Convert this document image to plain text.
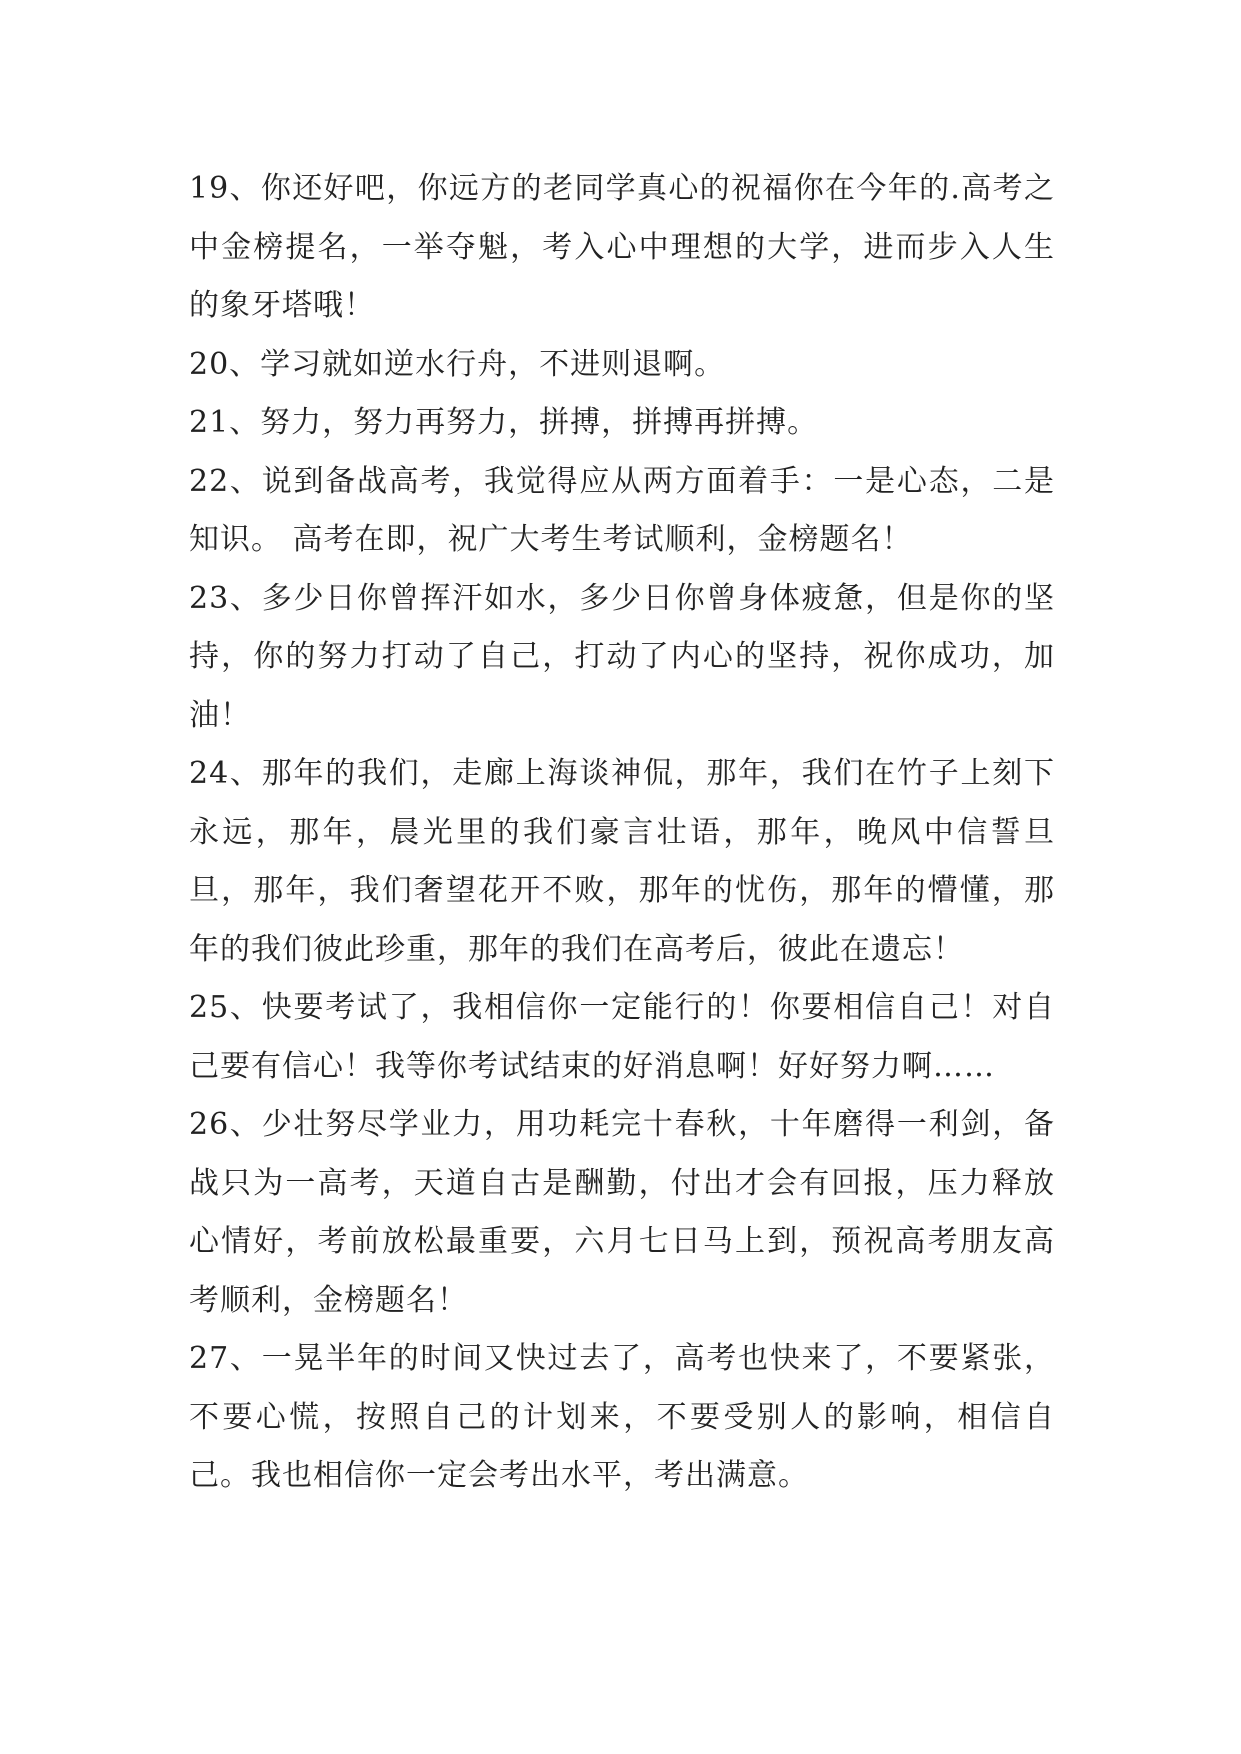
19、你还好吧，你远方的老同学真心的祝福你在今年的.高考之中金榜提名，一举夺魁，考入心中理想的大学，进而步入人生的象牙塔哦！

20、学习就如逆水行舟，不进则退啊。

21、努力，努力再努力，拼搏，拼搏再拼搏。

22、说到备战高考，我觉得应从两方面着手：一是心态，二是知识。 高考在即，祝广大考生考试顺利，金榜题名！

23、多少日你曾挥汗如水，多少日你曾身体疲惫，但是你的坚持，你的努力打动了自己，打动了内心的坚持，祝你成功，加油！

24、那年的我们，走廊上海谈神侃，那年，我们在竹子上刻下永远，那年，晨光里的我们豪言壮语，那年，晚风中信誓旦旦，那年，我们奢望花开不败，那年的忧伤，那年的懵懂，那年的我们彼此珍重，那年的我们在高考后，彼此在遗忘！

25、快要考试了，我相信你一定能行的！你要相信自己！对自己要有信心！我等你考试结束的好消息啊！好好努力啊……

26、少壮努尽学业力，用功耗完十春秋，十年磨得一利剑，备战只为一高考，天道自古是酬勤，付出才会有回报，压力释放心情好，考前放松最重要，六月七日马上到，预祝高考朋友高考顺利，金榜题名！

27、一晃半年的时间又快过去了，高考也快来了，不要紧张，不要心慌，按照自己的计划来，不要受别人的影响，相信自己。我也相信你一定会考出水平，考出满意。
